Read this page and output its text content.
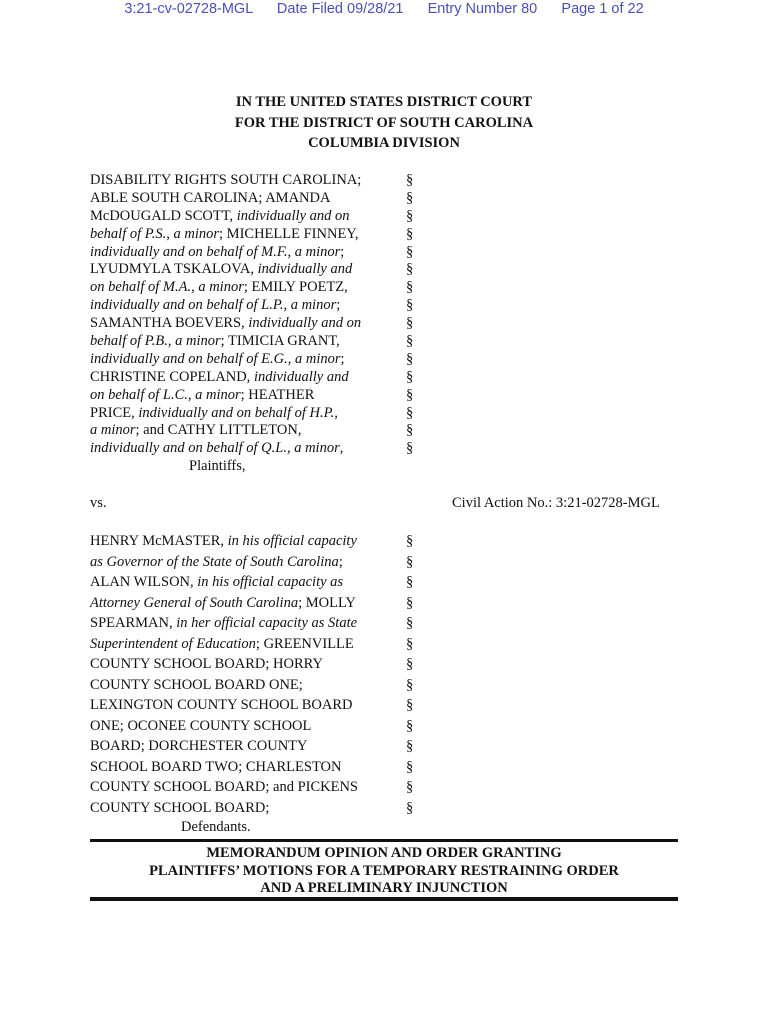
3:21-cv-02728-MGL Date Filed 09/28/21 Entry Number 80 Page 1 of 22
IN THE UNITED STATES DISTRICT COURT
FOR THE DISTRICT OF SOUTH CAROLINA
COLUMBIA DIVISION
DISABILITY RIGHTS SOUTH CAROLINA;
ABLE SOUTH CAROLINA; AMANDA
McDOUGALD SCOTT, individually and on
behalf of P.S., a minor; MICHELLE FINNEY,
individually and on behalf of M.F., a minor;
LYUDMYLA TSKALOVA, individually and
on behalf of M.A., a minor; EMILY POETZ,
individually and on behalf of L.P., a minor;
SAMANTHA BOEVERS, individually and on
behalf of P.B., a minor; TIMICIA GRANT,
individually and on behalf of E.G., a minor;
CHRISTINE COPELAND, individually and
on behalf of L.C., a minor; HEATHER
PRICE, individually and on behalf of H.P.,
a minor; and CATHY LITTLETON,
individually and on behalf of Q.L., a minor,
§
§
§
§
§
§
§
§
§
§
§
§
§
§
§
§
Plaintiffs,
vs.	Civil Action No.: 3:21-02728-MGL
HENRY McMASTER, in his official capacity
as Governor of the State of South Carolina;
ALAN WILSON, in his official capacity as
Attorney General of South Carolina; MOLLY
SPEARMAN, in her official capacity as State
Superintendent of Education; GREENVILLE
COUNTY SCHOOL BOARD; HORRY
COUNTY SCHOOL BOARD ONE;
LEXINGTON COUNTY SCHOOL BOARD
ONE; OCONEE COUNTY SCHOOL
BOARD; DORCHESTER COUNTY
SCHOOL BOARD TWO; CHARLESTON
COUNTY SCHOOL BOARD; and PICKENS
COUNTY SCHOOL BOARD;
§
§
§
§
§
§
§
§
§
§
§
§
§
§
Defendants.
MEMORANDUM OPINION AND ORDER GRANTING
PLAINTIFFS’ MOTIONS FOR A TEMPORARY RESTRAINING ORDER
AND A PRELIMINARY INJUNCTION
